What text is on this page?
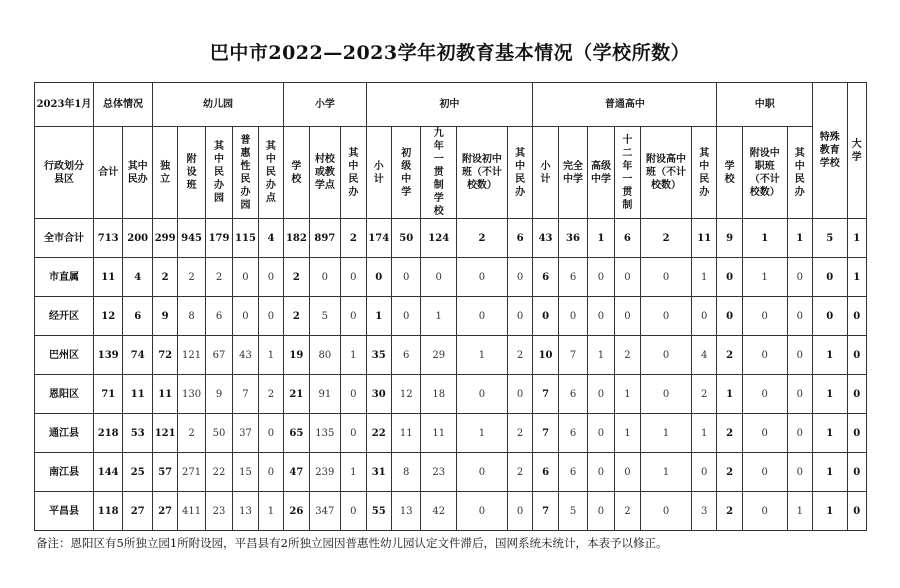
巴中市2022—2023学年初教育基本情况（学校所数）
2023年1月	总体情况		幼儿园					小学			初中					普通高中						中职			特殊教育学校	大学

行政划分县区	合计	其中民办	独立	附设班	其中民办园	普惠性民办园	其中民办点	学校	村校或教学点	其中民办	小计	初级中学	九年一贯制学校	附设初中班（不计校数）	其中民办	小计	完全中学	高级中学	十二年一贯制	附设高中班（不计校数）	其中民办	学校	附设中职班（不计校数）	其中民办		

全市合计	713	200	299	945	179	115	4	182	897	2	174	50	124	2	6	43	36	1	6	2	11	9	1	1	5	1
市直属	11	4	2	2	2	0	0	2	0	0	0	0	0	0	0	6	6	0	0	0	1	0	1	0	0	1
经开区	12	6	9	8	6	0	0	2	5	0	1	0	1	0	0	0	0	0	0	0	0	0	0	0	0	0
巴州区	139	74	72	121	67	43	1	19	80	1	35	6	29	1	2	10	7	1	2	0	4	2	0	0	1	0
恩阳区	71	11	11	130	9	7	2	21	91	0	30	12	18	0	0	7	6	0	1	0	2	1	0	0	1	0
通江县	218	53	121	2	50	37	0	65	135	0	22	11	11	1	2	7	6	0	1	1	1	2	0	0	1	0
南江县	144	25	57	271	22	15	0	47	239	1	31	8	23	0	2	6	6	0	0	1	0	2	0	0	1	0
平昌县	118	27	27	411	23	13	1	26	347	0	55	13	42	0	0	7	5	0	2	0	3	2	0	1	1	0
备注：恩阳区有5所独立园1所附设园，平昌县有2所独立园因普惠性幼儿园认定文件滞后，国网系统未统计，本表予以修正。
